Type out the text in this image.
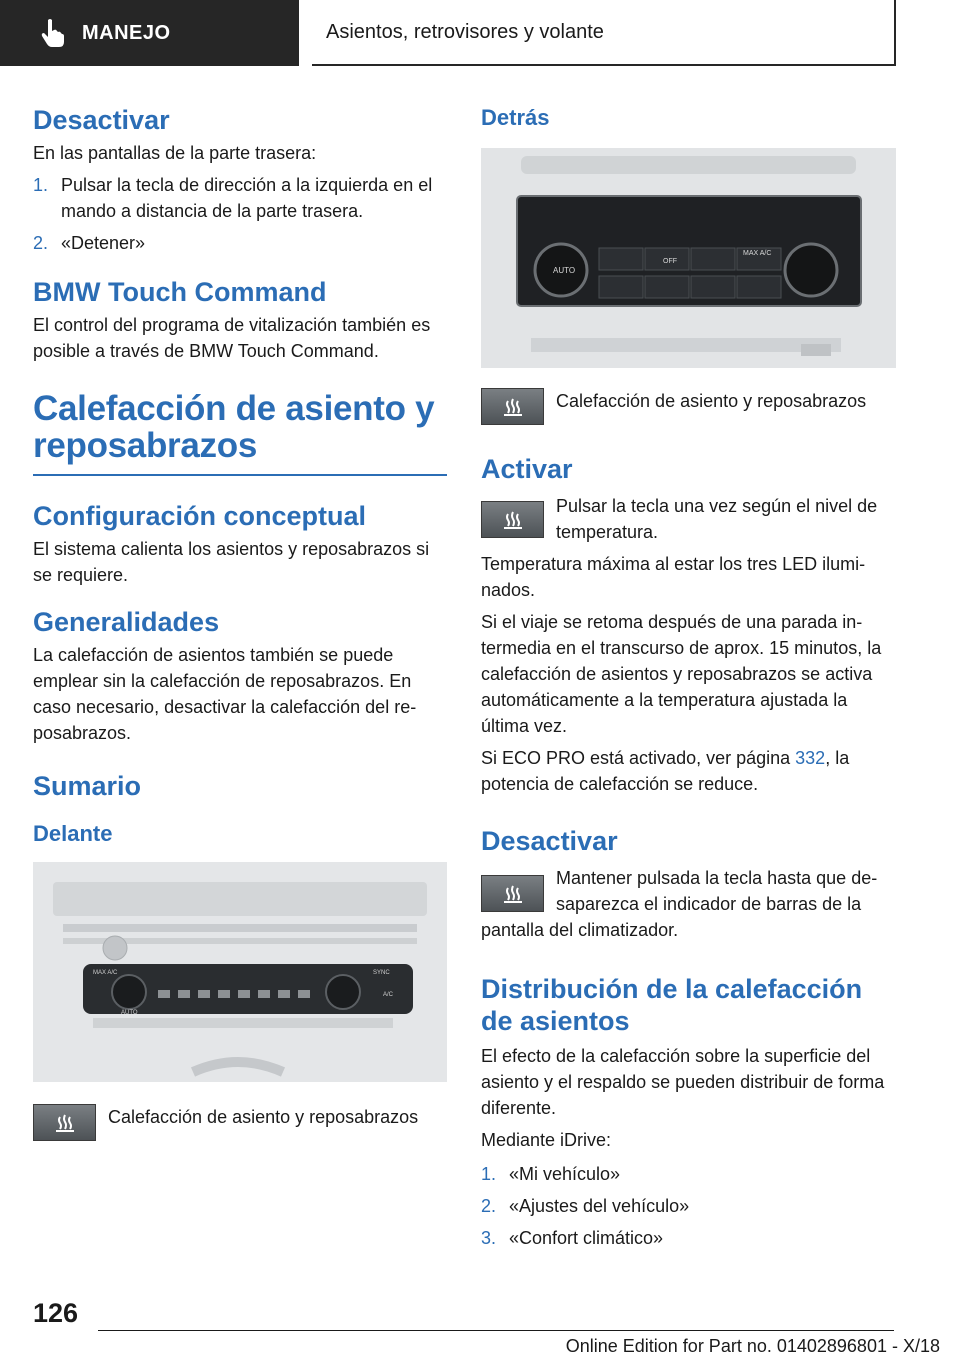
MANEJO	Asientos, retrovisores y volante
Desactivar

En las pantallas de la parte trasera:

1. Pulsar la tecla de dirección a la izquierda en el mando a distancia de la parte trasera.
2. «Detener»
BMW Touch Command

El control del programa de vitalización también es posible a través de BMW Touch Command.

Calefacción de asiento y reposabrazos
Configuración conceptual

El sistema calienta los asientos y reposabrazos si se requiere.

Generalidades

La calefacción de asientos también se puede emplear sin la calefacción de reposabrazos. En caso necesario, desactivar la calefacción del reposabrazos.

Sumario
Delante
MAX A/C
AUTO
SYNC
A/C
Calefacción de asiento y reposabrazos
Detrás
AUTO
OFF
MAX A/C
Calefacción de asiento y reposabrazos
Activar
Pulsar la tecla una vez según el nivel de temperatura.

Temperatura máxima al estar los tres LED iluminados.

Si el viaje se retoma después de una parada intermedia en el transcurso de aprox. 15 minutos, la calefacción de asientos y reposabrazos se activa automáticamente a la temperatura ajustada la última vez.

Si ECO PRO está activado, ver página 332, la potencia de calefacción se reduce.

Desactivar

Mantener pulsada la tecla hasta que desaparezca el indicador de barras de la pantalla del climatizador.

Distribución de la calefacción de asientos

El efecto de la calefacción sobre la superficie del asiento y el respaldo se pueden distribuir de forma diferente.

Mediante iDrive:

1. «Mi vehículo»
2. «Ajustes del vehículo»
3. «Confort climático»
126
Online Edition for Part no. 01402896801 - X/18
